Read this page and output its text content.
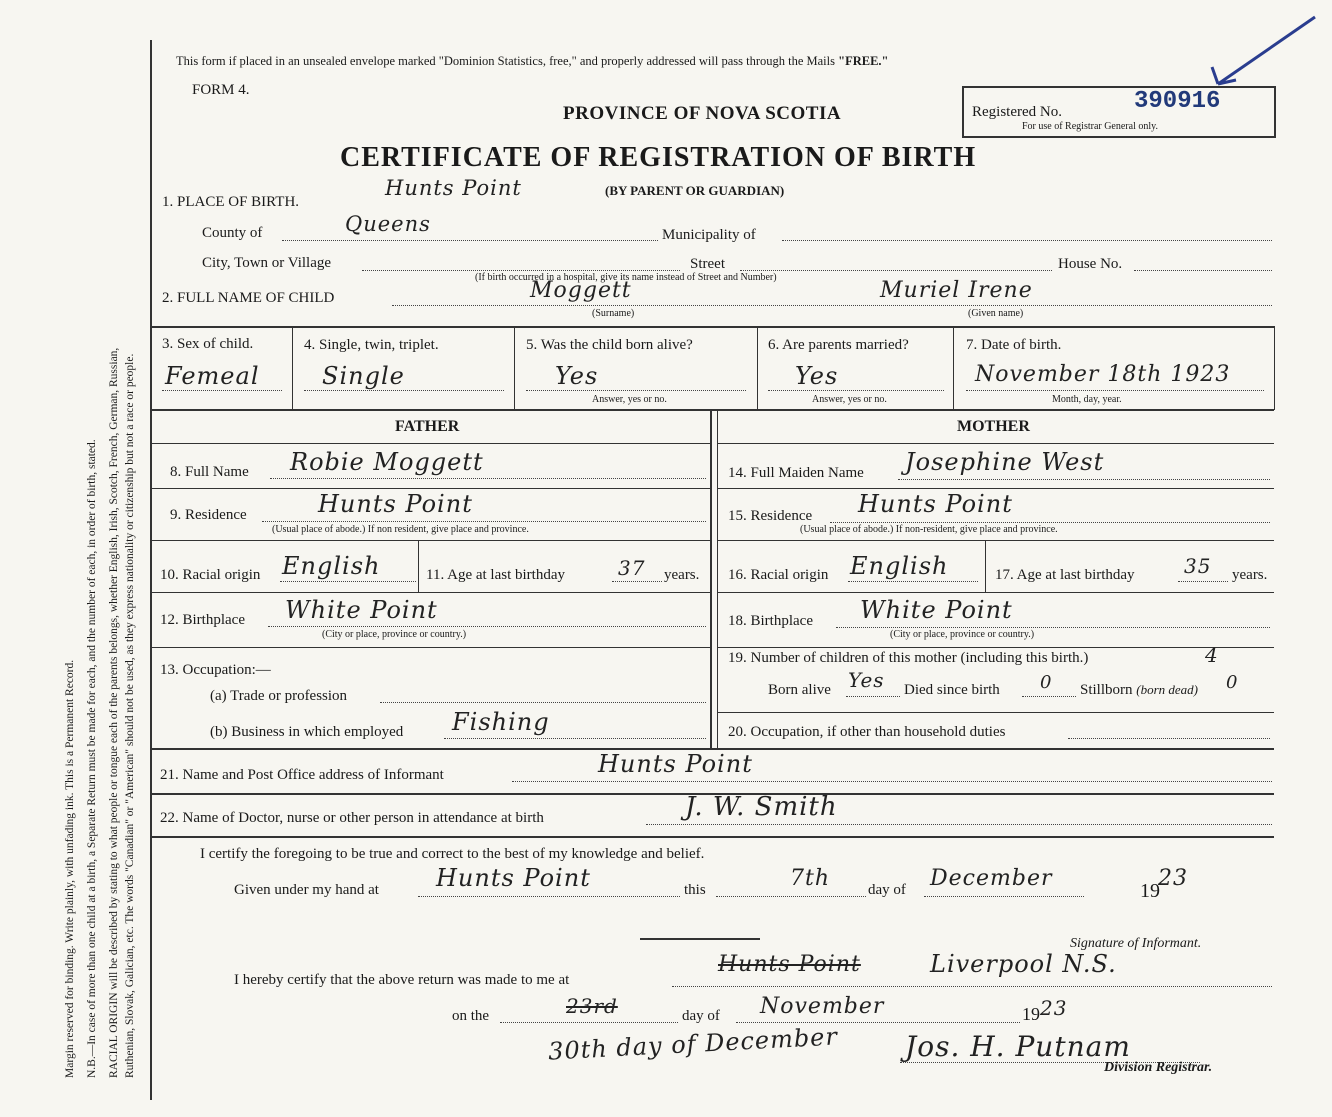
Margin reserved for binding. Write plainly, with unfading ink. This is a Permanent Record. N.B.—In case of more than one child at a birth, a Separate Return must be made for each, and the number of each, in order of birth, stated. RACIAL ORIGIN will be described by stating to what people or tongue each of the parents belongs, whether English, Irish, Scotch, French, German, Russian, Ruthenian, Slovak, Galician, etc. The words "Canadian" or "American" should not be used, as they express nationality or citizenship but not a race or people.
This form if placed in an unsealed envelope marked "Dominion Statistics, free," and properly addressed will pass through the Mails "FREE."
FORM 4.
PROVINCE OF NOVA SCOTIA	Registered No.	390916
For use of Registrar General only.
CERTIFICATE OF REGISTRATION OF BIRTH
1. PLACE OF BIRTH.
Hunts Point	(BY PARENT OR GUARDIAN)
County of	Queens	Municipality of
City, Town or Village	Street	House No.
(If birth occurred in a hospital, give its name instead of Street and Number)
2. FULL NAME OF CHILD	Moggett
(Surname)
Muriel Irene
(Given name)
3. Sex of child.
Femeal
4. Single, twin, triplet.
Single
5. Was the child born alive?
Yes
Answer, yes or no.
6. Are parents married?
Yes
Answer, yes or no.
7. Date of birth.
November 18th 1923
Month, day, year.
FATHER	MOTHER
8. Full Name Robie Moggett
9. Residence	Hunts Point
(Usual place of abode.) If non resident, give place and province.
10. Racial origin English	11. Age at last birthday	37 years.
12. Birthplace White Point
(City or place, province or country.)
13. Occupation:—
(a) Trade or profession
(b) Business in which employed Fishing
14. Full Maiden Name Josephine West
15. Residence Hunts Point
(Usual place of abode.) If non-resident, give place and province.
16. Racial origin English	17. Age at last birthday 35 years.
18. Birthplace White Point
(City or place, province or country.)
19. Number of children of this mother (including this birth.)	4
Born alive Yes Died since birth 0 Stillborn (born dead) 0
20. Occupation, if other than household duties
21. Name and Post Office address of Informant	Hunts Point
22. Name of Doctor, nurse or other person in attendance at birth	J. W. Smith
I certify the foregoing to be true and correct to the best of my knowledge and belief.
Given under my hand at Hunts Point	this	7th	day of December	19
23
Signature of Informant.
I hereby certify that the above return was made to me at
Hunts Point	Liverpool N.S.
on the	23rd	day of November	19 23
30th day of December Jos. H. Putnam
Division Registrar.
